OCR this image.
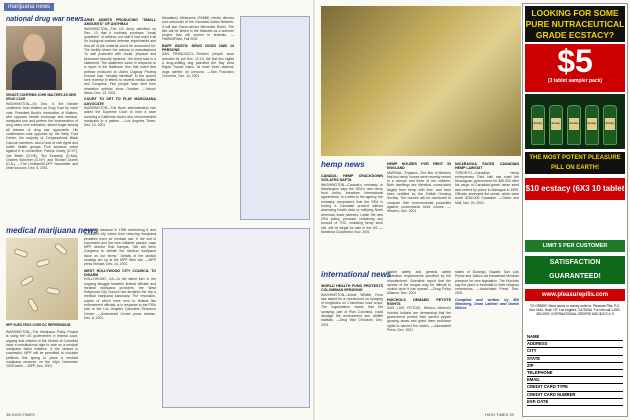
marijuana news
national drug war news
SENATE CONFIRMS JOHN WALTERS AS NEW DRUG CZAR
WASHINGTON—On Dec. 5, the Senate confirmed John Walters as Drug Czar by voice vote. President Bush's nomination of Walters, who opposes needle exchange and medical-marijuana use and prefers the incarceration of drug users over education, stirred anger among all classes of drug war opponents. His confirmation was opposed by the Betty Ford Center, the majority of Congressional Black Caucus members, and a host of civil rights and public health groups. Five senators voted against it in committee: Patrick Leahy (D-VT), Joe Biden (D-DE), Ted Kennedy (D-MA), Charles Schumer (D-NY), and Richard Durbin (D-IL). —The Lindesmith-DPF Newsletter and other sources, Dec. 8, 2001
ARMY ADMITS PRODUCING "SMALL AMOUNTS" OF ANTHRAX
WASHINGTON—The US Army admitted on Dec. 13 that it routinely produces "small quantities" of anthrax, but said it had used it all for biological warfare defense experiments and that all of the material could be accounted for. The facility where the anthrax is manufactured "is well protected with visual, physical and personnel security systems," the Army said in a statement. The statement came in response to a report in the Baltimore Sun that noted that anthrax produced at Utah's Dugway Proving Ground was "virtually identical" to the spores sent recently in letters to several media outlets and Congress. Five people have died from inhalation anthrax since October. —Yahoo! News, Dec. 13, 2001
COURT TO SET TO FLAY MARIJUANA ADVOCATE
WASHINGTON—The Bush administration has asked the Supreme Court to hear a case involving a California doctor who recommended marijuana to a patient. —Los Angeles Times, Dec. 13, 2001
Mandatory Minimums (FAMM) media director and cofounder of the Cannabis Action Network. It will star Oscar-winner Mercedes Ruehl. The film will be filmed in the Midwest as a summer project that will screen in festivals. —FAMMGRAM, Fall 2001
BART BUSTS: DRUG DOGS NAB 13 PERSONS
SAN FRANCISCO—Thirteen people were arrested for pot Dec. 12-13, the first two nights a drug-sniffing dog patrolled the Bay Area Rapid Transit trains. At least three stations' dogs alerted on persons. —San Francisco Chronicle, Dec. 14, 2001
medical marijuana news
HPP SUES FEDS OVER DC REFERENDUM
WASHINGTON—The Marijuana Policy Project is suing the US government in federal court, arguing that citizens in the District of Columbia have a constitutional right to vote on a medical marijuana ballot initiative. If the lawsuit is successful, MPP will be permitted to circulate petitions this spring to place a medical marijuana measure on the city's November 2002 ballot. —MPP, Dec. 2001
passed a measure in 1998 overturning it, and prohibited city voters from reducing marijuana penalties even for medical use. If the suit is successful and the new initiative passes, says MPP director Rob Kampia, "We will force Congress to debate the medical marijuana issue on our terms." Details of the lawsuit strategy are up at the MPP Web site. —MPP press release, Dec. 14, 2001
WEST HOLLYWOOD CITY COUNCIL TO DISARM
HOLLYWOOD, CA—In the latest turn in the ongoing struggle between federal officials and medical marijuana providers, the West Hollywood City Council has declared the city a medical marijuana sanctuary. The resolution, copies of which were sent to federal law enforcement officials, is in response to the FBI's raid of the Los Angeles Cannabis Resource Center. —Underworld Center press release, Dec. 6, 2001
38 HIGH TIMES
hemp news
CANADA: HEMP CRACKDOWN VIOLATES NAFTA
WASHINGTON—Canada's embassy in Washington says the DEA's new hemp food policy breaches international agreements. In a letter to the agency, the embassy complained that the DEA is forcing a Canadian product without assessing health risks or notifying North American trade partners. Under the new DEA policy, products containing any amount of THC, including hemp seed oils, will be illegal for sale in the US. —Manitoba Cooperator, Nov. 2001
HEMP HOUSES FOR RENT IN ENGLAND
MARINAL, England—The first of Britain's first two hemp homes were recently rented to a woman and three of her children. Both dwellings are identical, constructed largely from hemp with lime, and have been certified by the Suffolk Housing Society. The houses will be monitored to compare their environmental properties against conventional brick homes. —Reuters, Dec. 2001
NICARAGUA FACES CANADIAN HEMP LAWSUIT
TORONTO—Canadian hemp entrepreneur Paul Hall has sued the Nicaraguan government for $30,000 after his cargo of Canadian-grown hemp seed was seized by police in Managua in 1999. Officials destroyed the seeds, which were worth $250,000 Canadian. —Globe and Mail, Nov. 20, 2001
international news
WORLD HEALTH FUND PROTESTS COLOMBIAN SPRAYING
WASHINGTON—World Wildlife Fund has asked for a moratorium on spraying of fungicides on Colombian coca crops. The organization warns that the spraying, part of Plan Colombia, could damage the environment and wildlife habitats. —Drug War Chronicle, Dec. 2001
worker safety and general safety protection requirements specified by the manufacturer. Scientists report that the spread of the fungus may be difficult to control once it has spread. —Drug Policy Alliance, Dec. 2001
HUICHOLS DEMAND PEYOTE RIGHTS
SAN LUIS POTOSI, Mexico—Mexico's Huichol Indians are demanding that the government protect their sacred peyote growing areas and grant them exclusive rights to harvest the cactus. —Associated Press, Dec. 2001
states of Durango, Nayarit, San Luis Potosi and Jalisco via threatened Mexican pressure for new legislation. The Huichols say the plant is essential to their religious ceremonies. —Associated Press, Dec. 2001
Compiled and written by Bill Weinberg, Dean Latimer and Daniel Wilcox
HIGH TIMES 39
LOOKING FOR SOME PURE NUTRACEUTICAL GRADE ECSTACY?
$5
(3 tablet sampler pack)
Ecstacy	Ecstacy	Ecstacy	Ecstacy	Ecstacy
THE MOST POTENT PLEASURE PILL ON EARTH!
$10 ecstacy (6X3 10 tablet bottle)
LIMIT 5 PER CUSTOMER
SATISFACTION GUARANTEED!
www.pleasurepills.com
TO ORDER: Send check or money order to: Pleasure Pills, P.O. Box 4444, Dept. HT, Los Angeles, CA 90044. For info call 1-800-363-0000. INTERNATIONAL ORDERS ADD $10 S & H
NAME
ADDRESS
CITY
STATE
ZIP
TELEPHONE
EMAIL
CREDIT CARD TYPE
CREDIT CARD NUMBER
EXP. DATE
